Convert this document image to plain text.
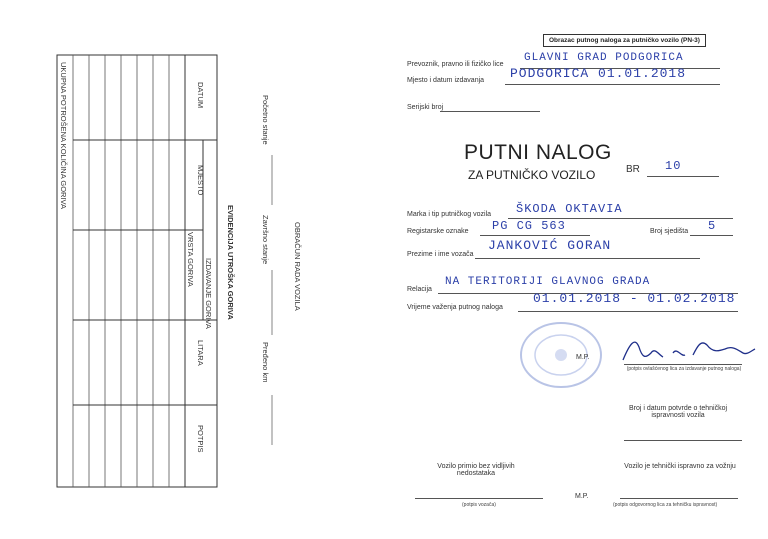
UKUPNA POTROŠENA KOLIČINA GORIVA	DATUM
MJESTO
VRSTA GORIVA IZDAVANJE GORIVA EVIDENCIJA UTROŠKA GORIVA
LITARA
POTPIS
Početno stanje
Završno stanje
Pređeno km
OBRAČUN RADA VOZILA
Obrazac putnog naloga za putničko vozilo (PN-3)
Prevoznik, pravno ili fizičko lice
GLAVNI GRAD PODGORICA
Mjesto i datum izdavanja PODGORICA 01.01.2018
Serijski broj
PUTNI NALOG
ZA PUTNIČKO VOZILO	BR 10
Marka i tip putničkog vozila ŠKODA OKTAVIA
Registarske oznake PG CG 563	Broj sjedišta 5
Prezime i ime vozača
JANKOVIĆ GORAN
Relacija
NA TERITORIJI GLAVNOG GRADA
Vrijeme važenja putnog naloga
01.01.2018 - 01.02.2018
M.P.
(potpis ovlašćenog lica za izdavanje putnog naloga)
Broj i datum potvrde o tehničkoj ispravnosti vozila
Vozilo primio bez vidljivih nedostataka
Vozilo je tehnički ispravno za vožnju
M.P.
(potpis vozača)	(potpis odgovornog lica za tehničku ispravnost)
